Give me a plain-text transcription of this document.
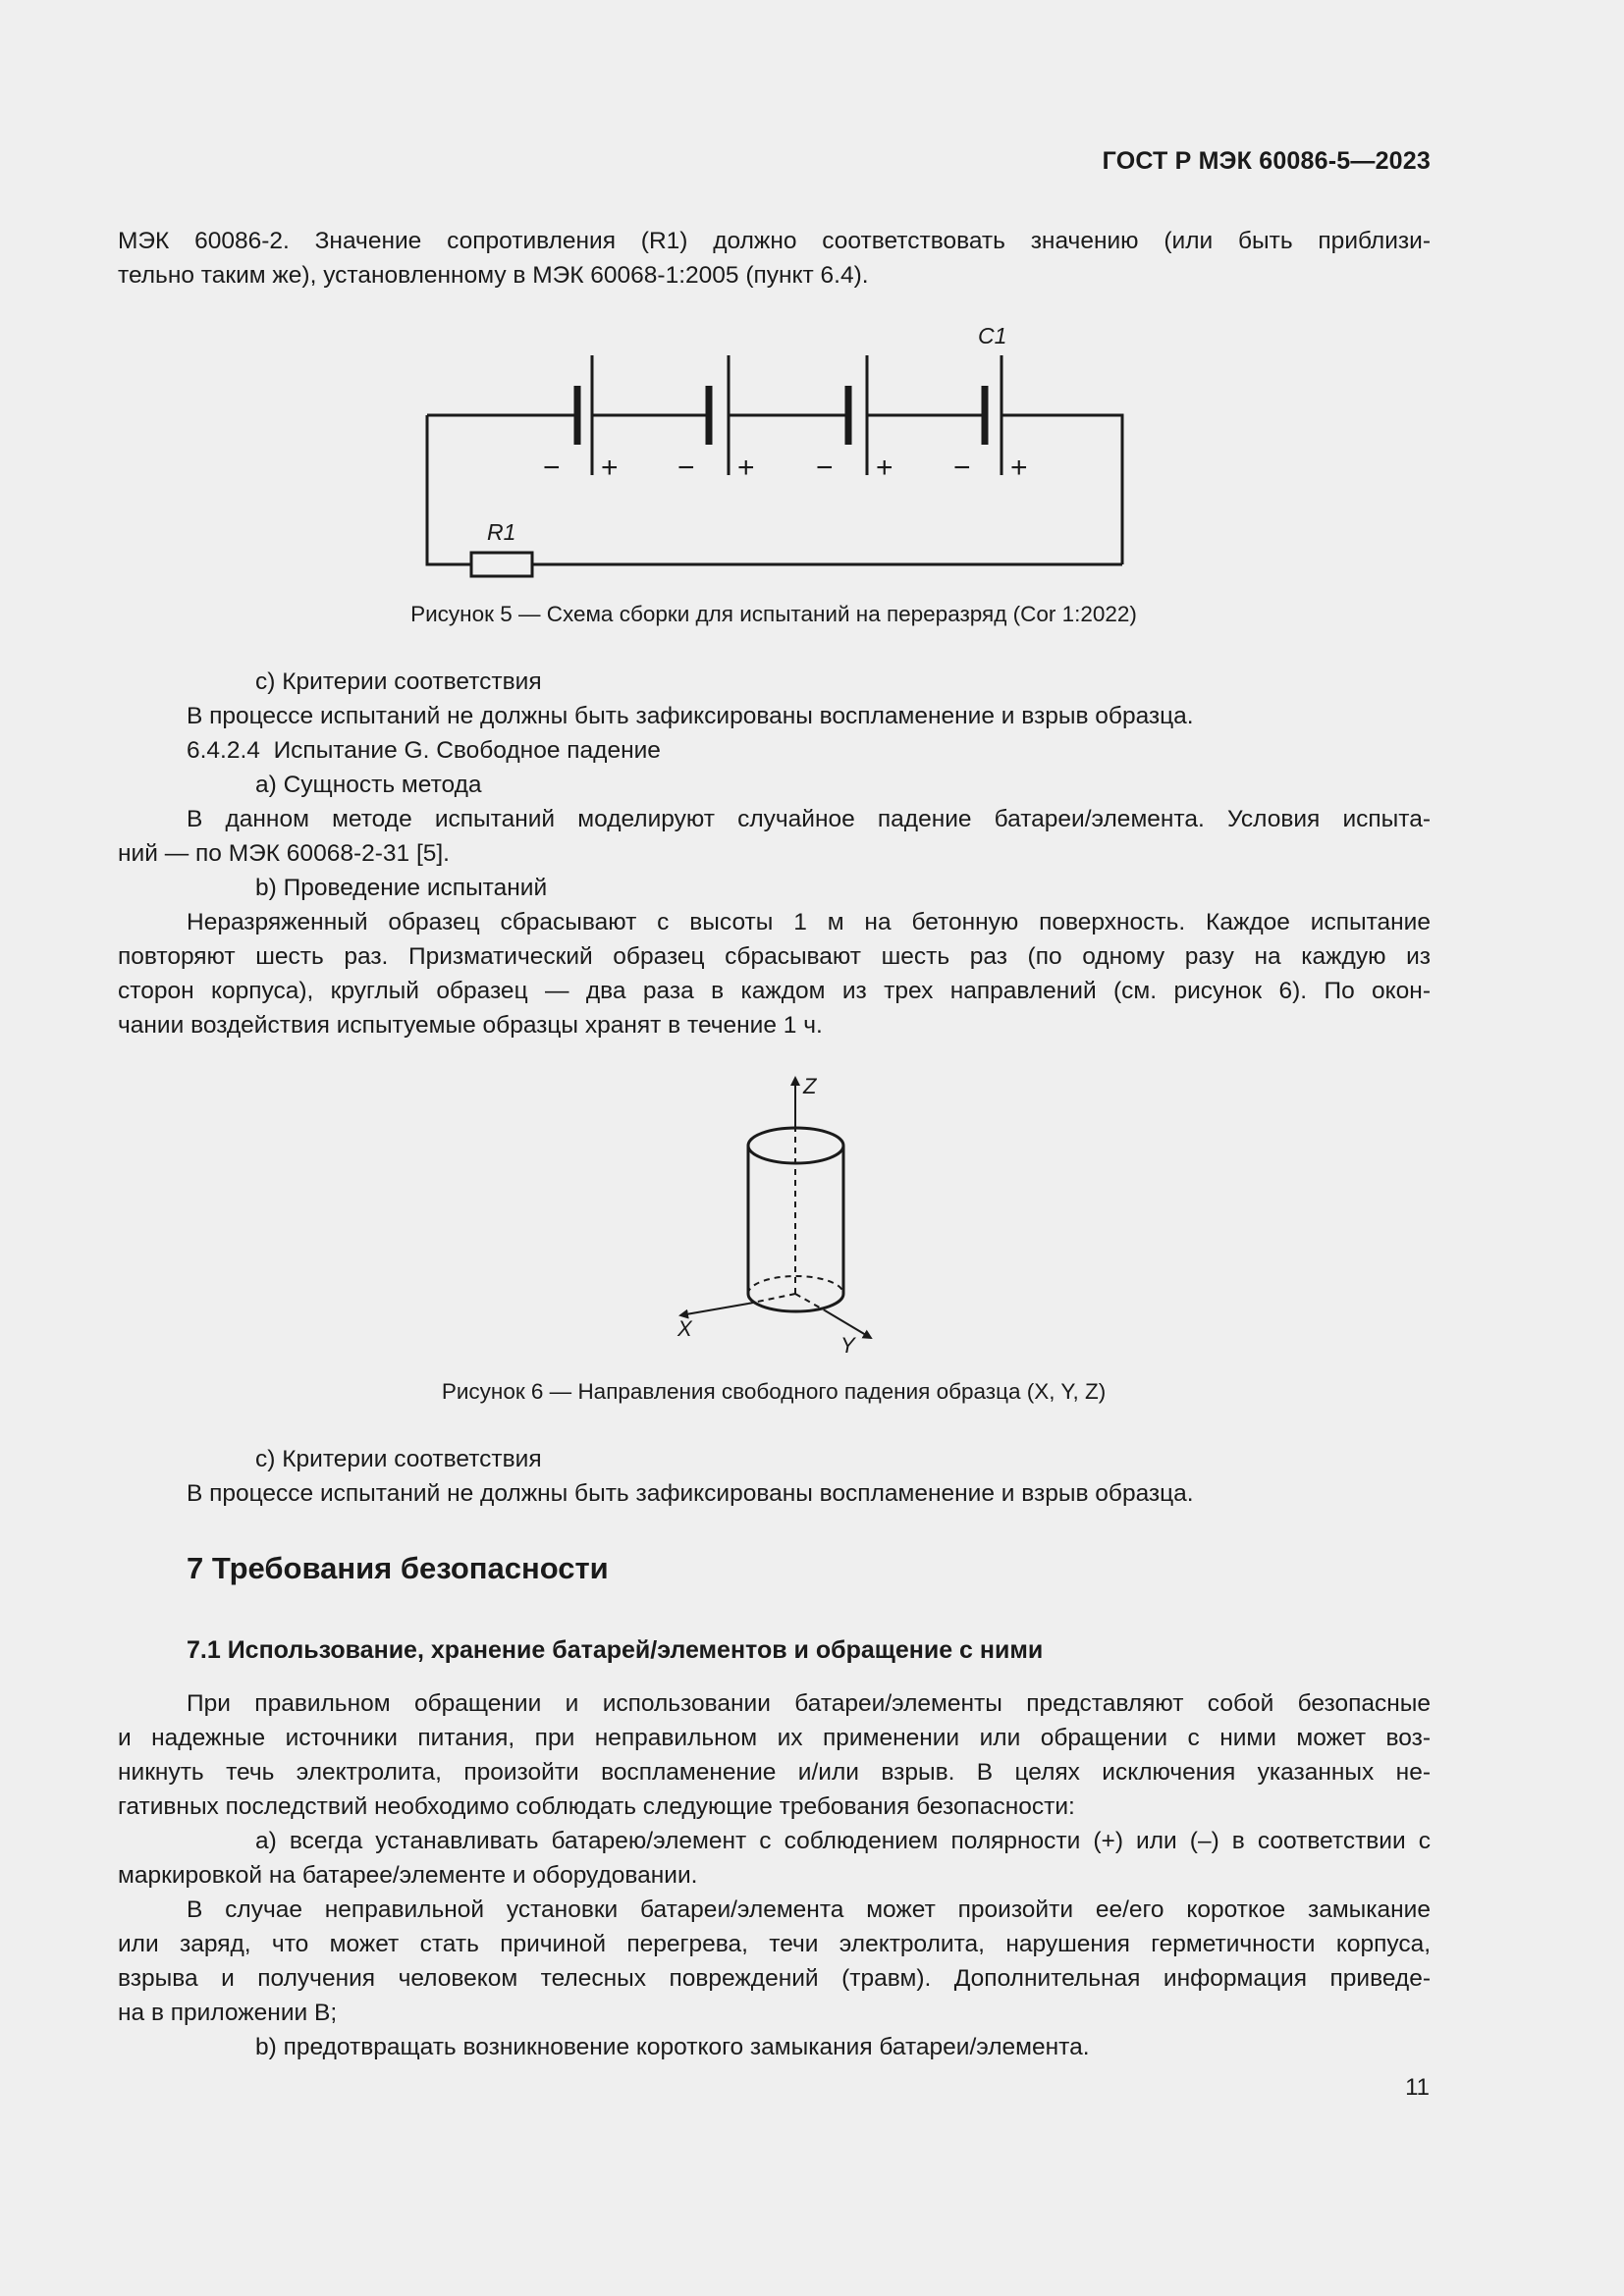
ГОСТ Р МЭК 60086-5—2023

МЭК 60086-2. Значение сопротивления (R1) должно соответствовать значению (или быть приблизи-

тельно таким же), установленному в МЭК 60068-1:2005 (пункт 6.4).

− + − + − + − +
R1
C1
Рисунок 5 — Схема сборки для испытаний на переразряд (Cor 1:2022)

c) Критерии соответствия

В процессе испытаний не должны быть зафиксированы воспламенение и взрыв образца.

6.4.2.4 Испытание G. Свободное падение

a) Сущность метода

В данном методе испытаний моделируют случайное падение батареи/элемента. Условия испыта-

ний — по МЭК 60068-2-31 [5].

b) Проведение испытаний

Неразряженный образец сбрасывают с высоты 1 м на бетонную поверхность. Каждое испытание

повторяют шесть раз. Призматический образец сбрасывают шесть раз (по одному разу на каждую из

сторон корпуса), круглый образец — два раза в каждом из трех направлений (см. рисунок 6). По окон-

чании воздействия испытуемые образцы хранят в течение 1 ч.

Z
X
Y
Рисунок 6 — Направления свободного падения образца (X, Y, Z)

c) Критерии соответствия

В процессе испытаний не должны быть зафиксированы воспламенение и взрыв образца.

7 Требования безопасности
7.1 Использование, хранение батарей/элементов и обращение с ними

При правильном обращении и использовании батареи/элементы представляют собой безопасные

и надежные источники питания, при неправильном их применении или обращении с ними может воз-

никнуть течь электролита, произойти воспламенение и/или взрыв. В целях исключения указанных не-

гативных последствий необходимо соблюдать следующие требования безопасности:

a) всегда устанавливать батарею/элемент с соблюдением полярности (+) или (–) в соответствии с

маркировкой на батарее/элементе и оборудовании.

В случае неправильной установки батареи/элемента может произойти ее/его короткое замыкание

или заряд, что может стать причиной перегрева, течи электролита, нарушения герметичности корпуса,

взрыва и получения человеком телесных повреждений (травм). Дополнительная информация приведе-

на в приложении B;

b) предотвращать возникновение короткого замыкания батареи/элемента.

11
